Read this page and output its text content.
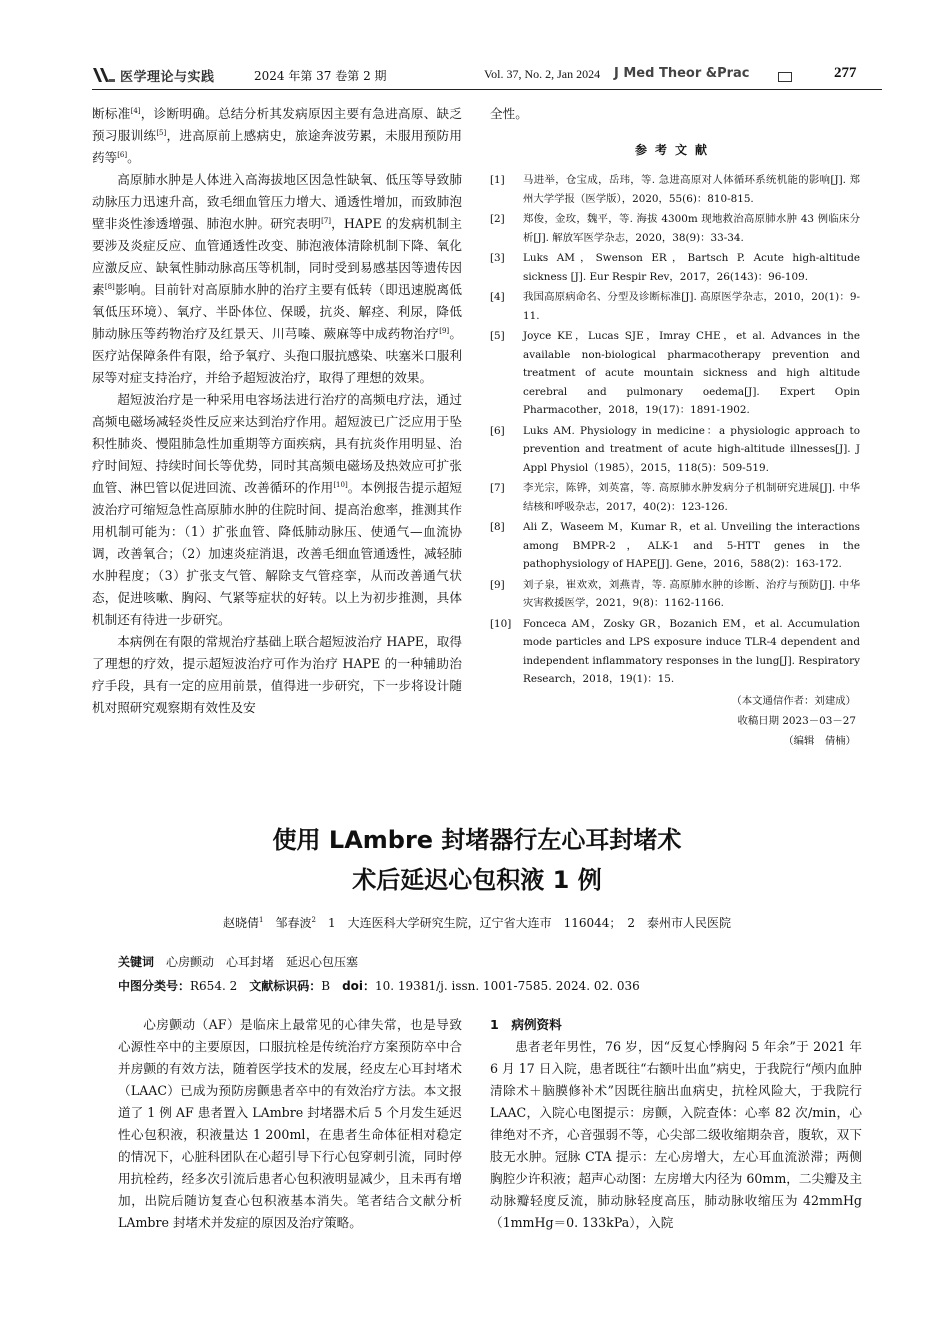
医学理论与实践	2024 年第 37 卷第 2 期	Vol. 37, No. 2, Jan 2024 J Med Theor &Prac	277

断标准[4]，诊断明确。总结分析其发病原因主要有急进高原、缺乏预习服训练[5]，进高原前上感病史，旅途奔波劳累，未服用预防用药等[6]。

高原肺水肿是人体进入高海拔地区因急性缺氧、低压等导致肺动脉压力迅速升高，致毛细血管压力增大、通透性增加，而致肺泡壁非炎性渗透增强、肺泡水肿。研究表明[7]，HAPE 的发病机制主要涉及炎症反应、血管通透性改变、肺泡液体清除机制下降、氧化应激反应、缺氧性肺动脉高压等机制，同时受到易感基因等遗传因素[8]影响。目前针对高原肺水肿的治疗主要有低转（即迅速脱离低氧低压环境）、氧疗、半卧体位、保暖，抗炎、解痉、利尿，降低肺动脉压等药物治疗及红景天、川芎嗪、蕨麻等中成药物治疗[9]。医疗站保障条件有限，给予氧疗、头孢口服抗感染、呋塞米口服利尿等对症支持治疗，并给予超短波治疗，取得了理想的效果。

超短波治疗是一种采用电容场法进行治疗的高频电疗法，通过高频电磁场减轻炎性反应来达到治疗作用。超短波已广泛应用于坠积性肺炎、慢阻肺急性加重期等方面疾病，具有抗炎作用明显、治疗时间短、持续时间长等优势，同时其高频电磁场及热效应可扩张血管、淋巴管以促进回流、改善循环的作用[10]。本例报告提示超短波治疗可缩短急性高原肺水肿的住院时间、提高治愈率，推测其作用机制可能为：（1）扩张血管、降低肺动脉压、使通气—血流协调，改善氧合；（2）加速炎症消退，改善毛细血管通透性，减轻肺水肿程度；（3）扩张支气管、解除支气管痉挛，从而改善通气状态，促进咳嗽、胸闷、气紧等症状的好转。以上为初步推测，具体机制还有待进一步研究。

本病例在有限的常规治疗基础上联合超短波治疗 HAPE，取得了理想的疗效，提示超短波治疗可作为治疗 HAPE 的一种辅助治疗手段，具有一定的应用前景，值得进一步研究，下一步将设计随机对照研究观察期有效性及安

全性。

参考文献
[1]	马进举，仓宝成，岳玮，等. 急进高原对人体循环系统机能的影响[J]. 郑州大学学报（医学版），2020，55(6)：810-815.
[2]	郑俊，金玫，魏平，等. 海拔 4300m 现地救治高原肺水肿 43 例临床分析[J]. 解放军医学杂志，2020，38(9)：33-34.
[3]	Luks AM，Swenson ER，Bartsch P. Acute high-altitude sickness [J]. Eur Respir Rev，2017，26(143)：96-109.
[4]	我国高原病命名、分型及诊断标准[J]. 高原医学杂志，2010，20(1)：9-11.
[5]	Joyce KE，Lucas SJE，Imray CHE，et al. Advances in the available non-biological pharmacotherapy prevention and treatment of acute mountain sickness and high altitude cerebral and pulmonary oedema[J]. Expert Opin Pharmacother，2018，19(17)：1891-1902.
[6]	Luks AM. Physiology in medicine：a physiologic approach to prevention and treatment of acute high-altitude illnesses[J]. J Appl Physiol（1985），2015，118(5)：509-519.
[7]	李光宗，陈铧，刘英富，等. 高原肺水肿发病分子机制研究进展[J]. 中华结核和呼吸杂志，2017，40(2)：123-126.
[8]	Ali Z，Waseem M，Kumar R，et al. Unveiling the interactions among BMPR-2，ALK-1 and 5-HTT genes in the pathophysiology of HAPE[J]. Gene，2016，588(2)：163-172.
[9]	刘子泉，崔欢欢，刘燕青，等. 高原肺水肿的诊断、治疗与预防[J]. 中华灾害救援医学，2021，9(8)：1162-1166.
[10]	Fonceca AM，Zosky GR，Bozanich EM，et al. Accumulation mode particles and LPS exposure induce TLR-4 dependent and independent inflammatory responses in the lung[J]. Respiratory Research，2018，19(1)：15.
（本文通信作者：刘建成）
收稿日期 2023－03－27
（编辑　倩楠）
使用 LAmbre 封堵器行左心耳封堵术
术后延迟心包积液 1 例
赵晓倩$^1$　邹春波$^2$　1　大连医科大学研究生院，辽宁省大连市　116044；　2　泰州市人民医院
关键词　心房颤动　心耳封堵　延迟心包压塞
中图分类号：R654. 2　文献标识码：B　doi：10. 19381/j. issn. 1001-7585. 2024. 02. 036

心房颤动（AF）是临床上最常见的心律失常，也是导致心源性卒中的主要原因，口服抗栓是传统治疗方案预防卒中合并房颤的有效方法，随着医学技术的发展，经皮左心耳封堵术（LAAC）已成为预防房颤患者卒中的有效治疗方法。本文报道了 1 例 AF 患者置入 LAmbre 封堵器术后 5 个月发生延迟性心包积液，积液量达 1 200ml，在患者生命体征相对稳定的情况下，心脏科团队在心超引导下行心包穿刺引流，同时停用抗栓药，经多次引流后患者心包积液明显减少，且未再有增加，出院后随访复查心包积液基本消失。笔者结合文献分析 LAmbre 封堵术并发症的原因及治疗策略。

1　病例资料

患者老年男性，76 岁，因“反复心悸胸闷 5 年余”于 2021 年 6 月 17 日入院，患者既往“右额叶出血”病史，于我院行“颅内血肿清除术＋脑膜修补术”因既往脑出血病史，抗栓风险大，于我院行 LAAC，入院心电图提示：房颤，入院查体：心率 82 次/min，心律绝对不齐，心音强弱不等，心尖部二级收缩期杂音，腹软，双下肢无水肿。冠脉 CTA 提示：左心房增大，左心耳血流淤滞；两侧胸腔少许积液；超声心动图：左房增大内径为 60mm，二尖瓣及主动脉瓣轻度反流，肺动脉轻度高压，肺动脉收缩压为 42mmHg（1mmHg＝0. 133kPa），入院
